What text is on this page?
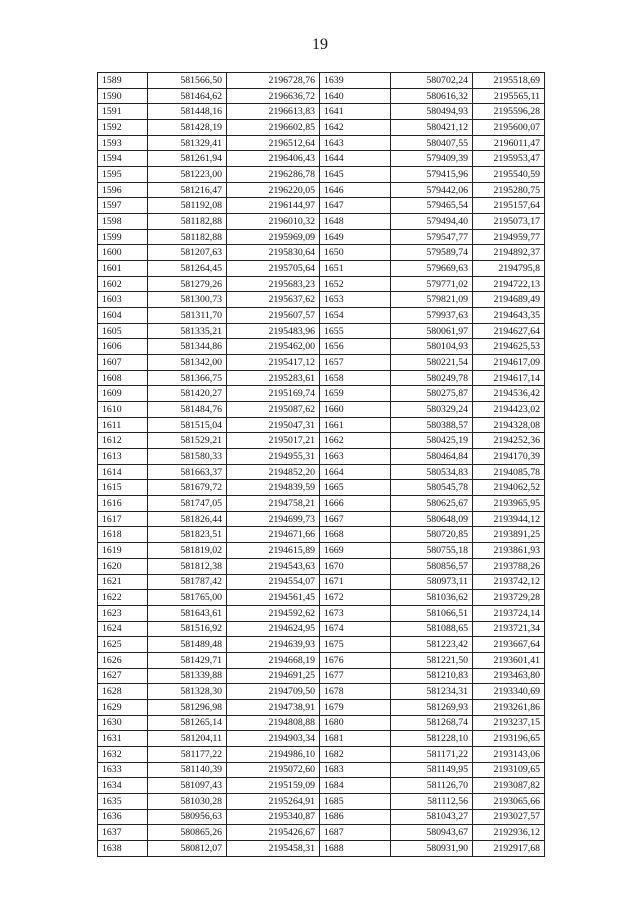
19
1589	581566,50	2196728,76	1639	580702,24	2195518,69
1590	581464,62	2196636,72	1640	580616,32	2195565,11
1591	581448,16	2196613,83	1641	580494,93	2195596,28
1592	581428,19	2196602,85	1642	580421,12	2195600,07
1593	581329,41	2196512,64	1643	580407,55	2196011,47
1594	581261,94	2196406,43	1644	579409,39	2195953,47
1595	581223,00	2196286,78	1645	579415,96	2195540,59
1596	581216,47	2196220,05	1646	579442,06	2195280,75
1597	581192,08	2196144,97	1647	579465,54	2195157,64
1598	581182,88	2196010,32	1648	579494,40	2195073,17
1599	581182,88	2195969,09	1649	579547,77	2194959,77
1600	581207,63	2195830,64	1650	579589,74	2194892,37
1601	581264,45	2195705,64	1651	579669,63	2194795,8
1602	581279,26	2195683,23	1652	579771,02	2194722,13
1603	581300,73	2195637,62	1653	579821,09	2194689,49
1604	581311,70	2195607,57	1654	579937,63	2194643,35
1605	581335,21	2195483,96	1655	580061,97	2194627,64
1606	581344,86	2195462,00	1656	580104,93	2194625,53
1607	581342,00	2195417,12	1657	580221,54	2194617,09
1608	581366,75	2195283,61	1658	580249,78	2194617,14
1609	581420,27	2195169,74	1659	580275,87	2194536,42
1610	581484,76	2195087,62	1660	580329,24	2194423,02
1611	581515,04	2195047,31	1661	580388,57	2194328,08
1612	581529,21	2195017,21	1662	580425,19	2194252,36
1613	581580,33	2194955,31	1663	580464,84	2194170,39
1614	581663,37	2194852,20	1664	580534,83	2194085,78
1615	581679,72	2194839,59	1665	580545,78	2194062,52
1616	581747,05	2194758,21	1666	580625,67	2193965,95
1617	581826,44	2194699,73	1667	580648,09	2193944,12
1618	581823,51	2194671,66	1668	580720,85	2193891,25
1619	581819,02	2194615,89	1669	580755,18	2193861,93
1620	581812,38	2194543,63	1670	580856,57	2193788,26
1621	581787,42	2194554,07	1671	580973,11	2193742,12
1622	581765,00	2194561,45	1672	581036,62	2193729,28
1623	581643,61	2194592,62	1673	581066,51	2193724,14
1624	581516,92	2194624,95	1674	581088,65	2193721,34
1625	581489,48	2194639,93	1675	581223,42	2193667,64
1626	581429,71	2194668,19	1676	581221,50	2193601,41
1627	581339,88	2194691,25	1677	581210,83	2193463,80
1628	581328,30	2194709,50	1678	581234,31	2193340,69
1629	581296,98	2194738,91	1679	581269,93	2193261,86
1630	581265,14	2194808,88	1680	581268,74	2193237,15
1631	581204,11	2194903,34	1681	581228,10	2193196,65
1632	581177,22	2194986,10	1682	581171,22	2193143,06
1633	581140,39	2195072,60	1683	581149,95	2193109,65
1634	581097,43	2195159,09	1684	581126,70	2193087,82
1635	581030,28	2195264,91	1685	581112,56	2193065,66
1636	580956,63	2195340,87	1686	581043,27	2193027,57
1637	580865,26	2195426,67	1687	580943,67	2192936,12
1638	580812,07	2195458,31	1688	580931,90	2192917,68
